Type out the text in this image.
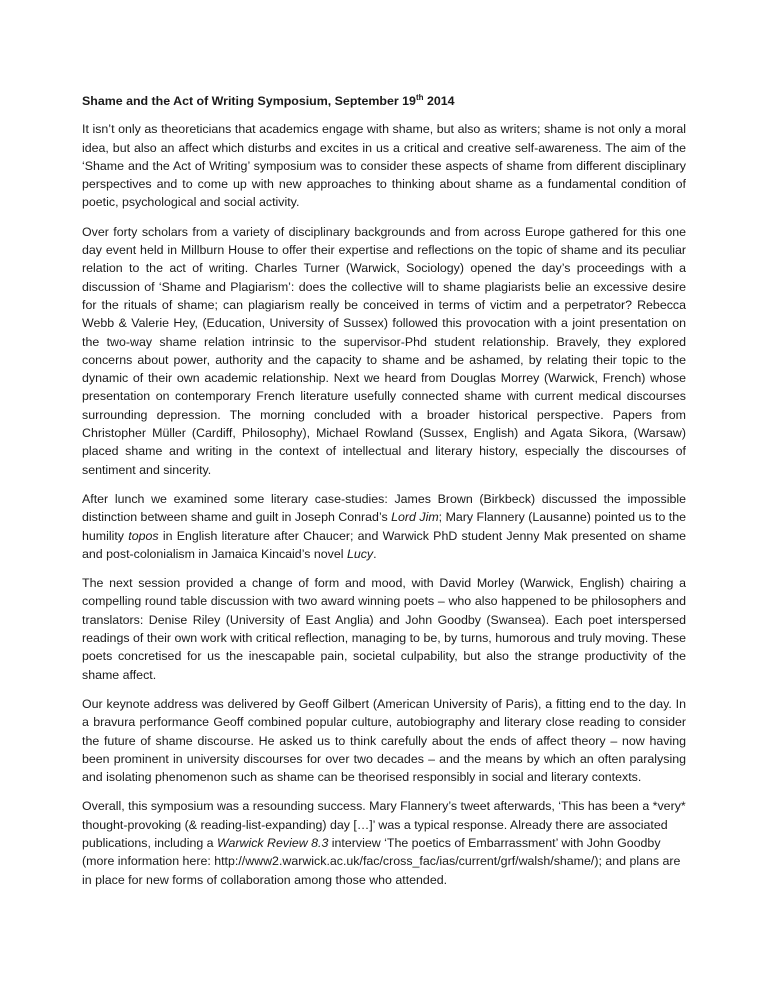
Shame and the Act of Writing Symposium, September 19th 2014

It isn’t only as theoreticians that academics engage with shame, but also as writers; shame is not only a moral idea, but also an affect which disturbs and excites in us a critical and creative self-awareness. The aim of the ‘Shame and the Act of Writing’ symposium was to consider these aspects of shame from different disciplinary perspectives and to come up with new approaches to thinking about shame as a fundamental condition of poetic, psychological and social activity.

Over forty scholars from a variety of disciplinary backgrounds and from across Europe gathered for this one day event held in Millburn House to offer their expertise and reflections on the topic of shame and its peculiar relation to the act of writing. Charles Turner (Warwick, Sociology) opened the day’s proceedings with a discussion of ‘Shame and Plagiarism’: does the collective will to shame plagiarists belie an excessive desire for the rituals of shame; can plagiarism really be conceived in terms of victim and a perpetrator? Rebecca Webb & Valerie Hey, (Education, University of Sussex) followed this provocation with a joint presentation on the two-way shame relation intrinsic to the supervisor-Phd student relationship. Bravely, they explored concerns about power, authority and the capacity to shame and be ashamed, by relating their topic to the dynamic of their own academic relationship. Next we heard from Douglas Morrey (Warwick, French) whose presentation on contemporary French literature usefully connected shame with current medical discourses surrounding depression. The morning concluded with a broader historical perspective. Papers from Christopher Müller (Cardiff, Philosophy), Michael Rowland (Sussex, English) and Agata Sikora, (Warsaw) placed shame and writing in the context of intellectual and literary history, especially the discourses of sentiment and sincerity.

After lunch we examined some literary case-studies: James Brown (Birkbeck) discussed the impossible distinction between shame and guilt in Joseph Conrad’s Lord Jim; Mary Flannery (Lausanne) pointed us to the humility topos in English literature after Chaucer; and Warwick PhD student Jenny Mak presented on shame and post-colonialism in Jamaica Kincaid’s novel Lucy.

The next session provided a change of form and mood, with David Morley (Warwick, English) chairing a compelling round table discussion with two award winning poets – who also happened to be philosophers and translators: Denise Riley (University of East Anglia) and John Goodby (Swansea). Each poet interspersed readings of their own work with critical reflection, managing to be, by turns, humorous and truly moving. These poets concretised for us the inescapable pain, societal culpability, but also the strange productivity of the shame affect.

Our keynote address was delivered by Geoff Gilbert (American University of Paris), a fitting end to the day. In a bravura performance Geoff combined popular culture, autobiography and literary close reading to consider the future of shame discourse. He asked us to think carefully about the ends of affect theory – now having been prominent in university discourses for over two decades – and the means by which an often paralysing and isolating phenomenon such as shame can be theorised responsibly in social and literary contexts.

Overall, this symposium was a resounding success. Mary Flannery’s tweet afterwards, ‘This has been a *very* thought-provoking (& reading-list-expanding) day […]’ was a typical response. Already there are associated publications, including a Warwick Review 8.3 interview ‘The poetics of Embarrassment’ with John Goodby (more information here: http://www2.warwick.ac.uk/fac/cross_fac/ias/current/grf/walsh/shame/); and plans are in place for new forms of collaboration among those who attended.
